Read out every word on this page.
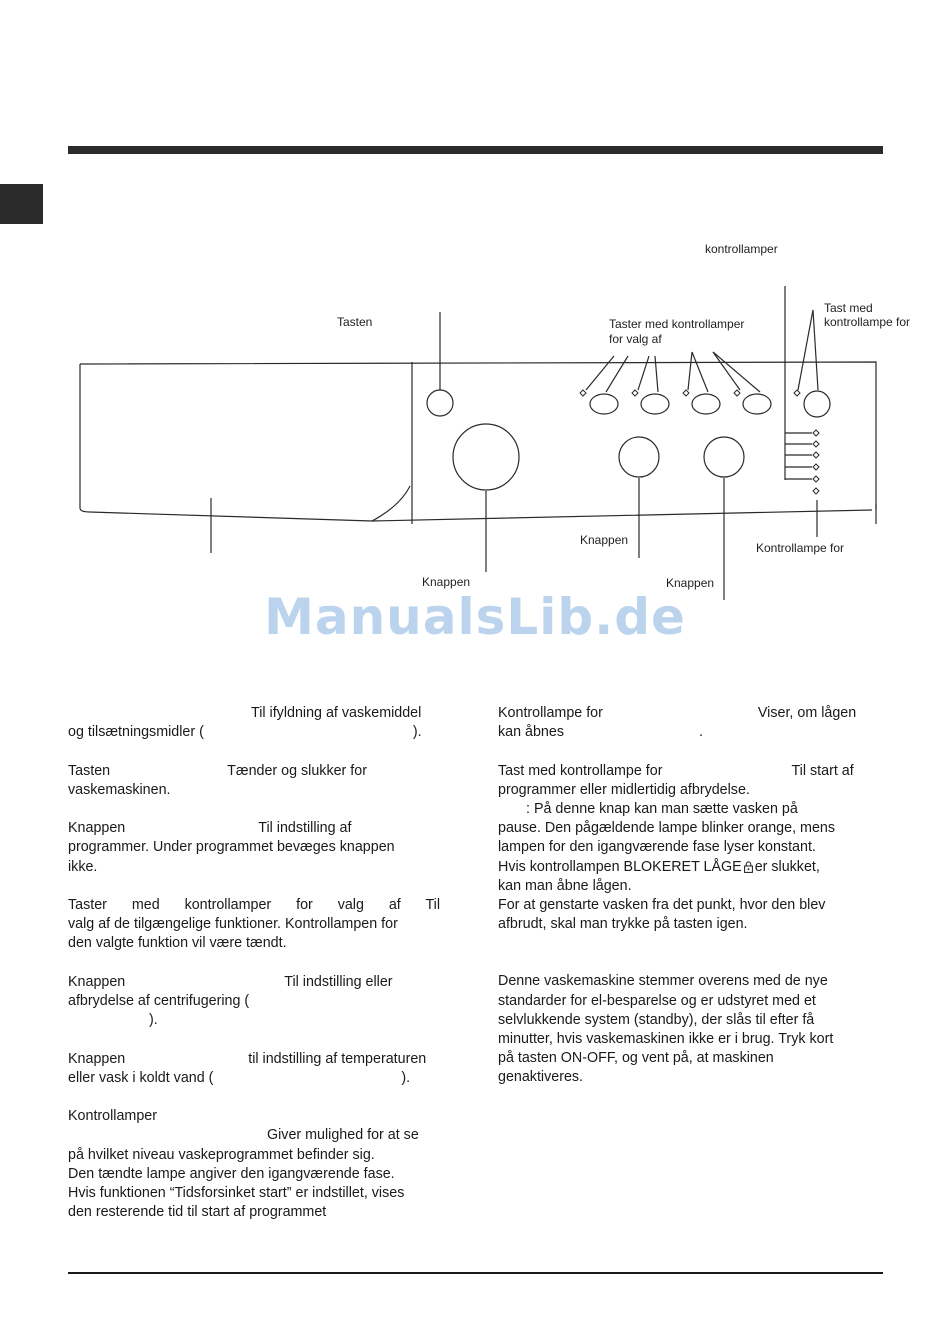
kontrollamper
Tasten	Taster med kontrollamper
for valg af
Tast med
kontrollampe for
Knappen
Kontrollampe for
Knappen	Knappen
ManualsLib.de

Til ifyldning af vaskemiddel
og tilsætningsmidler (	).

Tasten	Tænder og slukker for
vaskemaskinen.

Knappen	Til indstilling af
programmer. Under programmet bevæges knappen
ikke.

Taster med kontrollamper for valg af Til
valg af de tilgængelige funktioner. Kontrollampen for
den valgte funktion vil være tændt.

Knappen	Til indstilling eller
afbrydelse af centrifugering (
).

Knappen	til indstilling af temperaturen
eller vask i koldt vand (	).

Kontrollamper
Giver mulighed for at se
på hvilket niveau vaskeprogrammet befinder sig.
Den tændte lampe angiver den igangværende fase.
Hvis funktionen “Tidsforsinket start” er indstillet, vises
den resterende tid til start af programmet

Kontrollampe for	Viser, om lågen
kan åbnes	.

Tast med kontrollampe for	Til start af
programmer eller midlertidig afbrydelse.
: På denne knap kan man sætte vasken på
pause. Den pågældende lampe blinker orange, mens
lampen for den igangværende fase lyser konstant.
Hvis kontrollampen BLOKERET LÅGE er slukket,
kan man åbne lågen.
For at genstarte vasken fra det punkt, hvor den blev
afbrudt, skal man trykke på tasten igen.

Denne vaskemaskine stemmer overens med de nye
standarder for el-besparelse og er udstyret med et
selvlukkende system (standby), der slås til efter få
minutter, hvis vaskemaskinen ikke er i brug. Tryk kort
på tasten ON-OFF, og vent på, at maskinen
genaktiveres.
